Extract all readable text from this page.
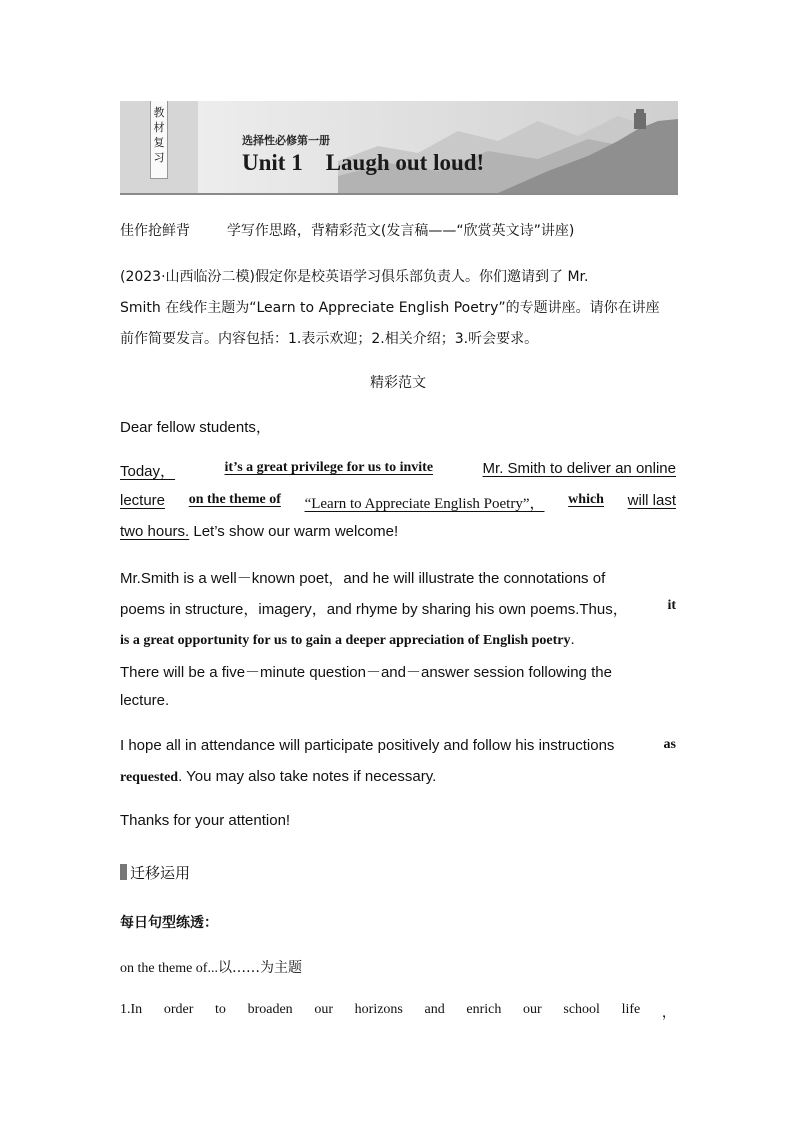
教材复习
选择性必修第一册
Unit 1    Laugh out loud!
佳作抢鲜背	学写作思路，背精彩范文(发言稿——“欣赏英文诗”讲座)
(2023·山西临汾二模)假定你是校英语学习俱乐部负责人。你们邀请到了 Mr.
Smith 在线作主题为“Learn to Appreciate English Poetry”的专题讲座。请你在讲座
前作简要发言。内容包括：1.表示欢迎；2.相关介绍；3.听会要求。
精彩范文
Dear fellow students，
Today，	it’s a great privilege for us to invite	Mr. Smith to deliver an online
lecture on the theme of “Learn to Appreciate English Poetry”， which will last
two hours. Let’s show our warm welcome!
Mr.Smith is a well－known poet，and he will illustrate the connotations of
poems in structure，imagery，and rhyme by sharing his own poems.Thus，	it
is a great opportunity for us to gain a deeper appreciation of English poetry.
There will be a five－minute question－and－answer session following the
lecture.
I hope all in attendance will participate positively and follow his instructions	as
requested. You may also take notes if necessary.
Thanks for your attention!
迁移运用
每日句型练透：
on the theme of...以……为主题
1.In order to broaden our horizons and enrich our school life ，
